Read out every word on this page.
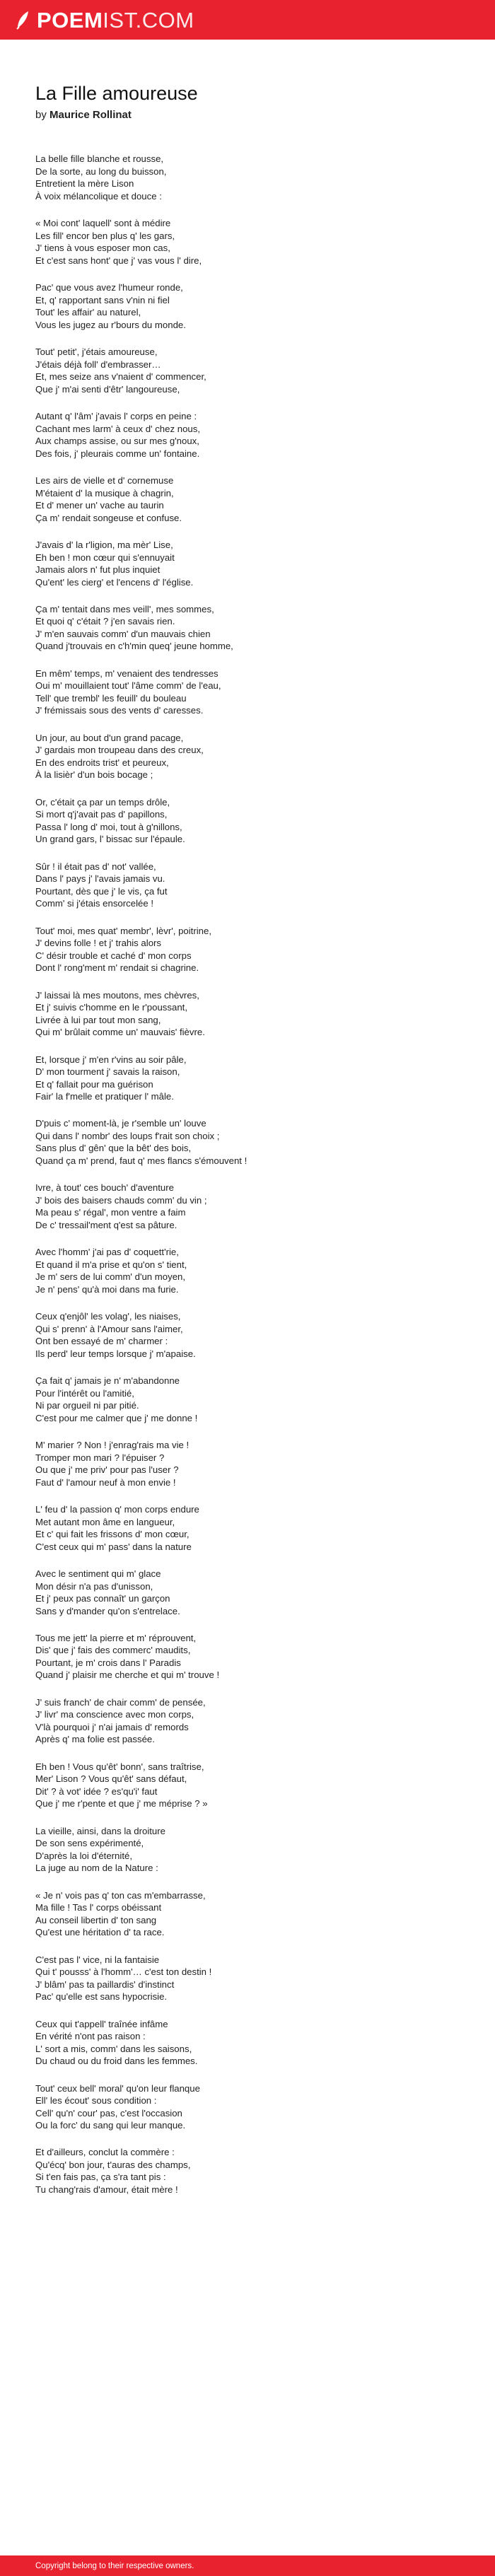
POEMIST.COM
La Fille amoureuse
by Maurice Rollinat
La belle fille blanche et rousse,
De la sorte, au long du buisson,
Entretient la mère Lison
À voix mélancolique et douce :
« Moi cont' laquell' sont à médire
Les fill' encor ben plus q' les gars,
J' tiens à vous esposer mon cas,
Et c'est sans hont' que j' vas vous l' dire,
Pac' que vous avez l'humeur ronde,
Et, q' rapportant sans v'nin ni fiel
Tout' les affair' au naturel,
Vous les jugez au r'bours du monde.
Tout' petit', j'étais amoureuse,
J'étais déjà foll' d'embrasser…
Et, mes seize ans v'naient d' commencer,
Que j' m'ai senti d'êtr' langoureuse,
Autant q' l'âm' j'avais l' corps en peine :
Cachant mes larm' à ceux d' chez nous,
Aux champs assise, ou sur mes g'noux,
Des fois, j' pleurais comme un' fontaine.
Les airs de vielle et d' cornemuse
M'étaient d' la musique à chagrin,
Et d' mener un' vache au taurin
Ça m' rendait songeuse et confuse.
J'avais d' la r'ligion, ma mèr' Lise,
Eh ben ! mon cœur qui s'ennuyait
Jamais alors n' fut plus inquiet
Qu'ent' les cierg' et l'encens d' l'église.
Ça m' tentait dans mes veill', mes sommes,
Et quoi q' c'était ? j'en savais rien.
J' m'en sauvais comm' d'un mauvais chien
Quand j'trouvais en c'h'min queq' jeune homme,
En mêm' temps, m' venaient des tendresses
Oui m' mouillaient tout' l'âme comm' de l'eau,
Tell' que trembl' les feuill' du bouleau
J' frémissais sous des vents d' caresses.
Un jour, au bout d'un grand pacage,
J' gardais mon troupeau dans des creux,
En des endroits trist' et peureux,
À la lisièr' d'un bois bocage ;
Or, c'était ça par un temps drôle,
Si mort q'j'avait pas d' papillons,
Passa l' long d' moi, tout à g'nillons,
Un grand gars, l' bissac sur l'épaule.
Sûr ! il était pas d' not' vallée,
Dans l' pays j' l'avais jamais vu.
Pourtant, dès que j' le vis, ça fut
Comm' si j'étais ensorcelée !
Tout' moi, mes quat' membr', lèvr', poitrine,
J' devins folle ! et j' trahis alors
C' désir trouble et caché d' mon corps
Dont l' rong'ment m' rendait si chagrine.
J' laissai là mes moutons, mes chèvres,
Et j' suivis c'homme en le r'poussant,
Livrée à lui par tout mon sang,
Qui m' brûlait comme un' mauvais' fièvre.
Et, lorsque j' m'en r'vins au soir pâle,
D' mon tourment j' savais la raison,
Et q' fallait pour ma guérison
Fair' la f'melle et pratiquer l' mâle.
D'puis c' moment-là, je r'semble un' louve
Qui dans l' nombr' des loups f'rait son choix ;
Sans plus d' gên' que la bêt' des bois,
Quand ça m' prend, faut q' mes flancs s'émouvent !
Ivre, à tout' ces bouch' d'aventure
J' bois des baisers chauds comm' du vin ;
Ma peau s' régal', mon ventre a faim
De c' tressail'ment q'est sa pâture.
Avec l'homm' j'ai pas d' coquett'rie,
Et quand il m'a prise et qu'on s' tient,
Je m' sers de lui comm' d'un moyen,
Je n' pens' qu'à moi dans ma furie.
Ceux q'enjôl' les volag', les niaises,
Qui s' prenn' à l'Amour sans l'aimer,
Ont ben essayé de m' charmer :
Ils perd' leur temps lorsque j' m'apaise.
Ça fait q' jamais je n' m'abandonne
Pour l'intérêt ou l'amitié,
Ni par orgueil ni par pitié.
C'est pour me calmer que j' me donne !
M' marier ? Non ! j'enrag'rais ma vie !
Tromper mon mari ? l'épuiser ?
Ou que j' me priv' pour pas l'user ?
Faut d' l'amour neuf à mon envie !
L' feu d' la passion q' mon corps endure
Met autant mon âme en langueur,
Et c' qui fait les frissons d' mon cœur,
C'est ceux qui m' pass' dans la nature
Avec le sentiment qui m' glace
Mon désir n'a pas d'unisson,
Et j' peux pas connaît' un garçon
Sans y d'mander qu'on s'entrelace.
Tous me jett' la pierre et m' réprouvent,
Dis' que j' fais des commerc' maudits,
Pourtant, je m' crois dans l' Paradis
Quand j' plaisir me cherche et qui m' trouve !
J' suis franch' de chair comm' de pensée,
J' livr' ma conscience avec mon corps,
V'là pourquoi j' n'ai jamais d' remords
Après q' ma folie est passée.
Eh ben ! Vous qu'êt' bonn', sans traîtrise,
Mer' Lison ? Vous qu'êt' sans défaut,
Dit' ? à vot' idée ? es'qu'i' faut
Que j' me r'pente et que j' me méprise ? »
La vieille, ainsi, dans la droiture
De son sens expérimenté,
D'après la loi d'éternité,
La juge au nom de la Nature :
« Je n' vois pas q' ton cas m'embarrasse,
Ma fille ! Tas l' corps obéissant
Au conseil libertin d' ton sang
Qu'est une héritation d' ta race.
C'est pas l' vice, ni la fantaisie
Qui t' pousss' à l'homm'… c'est ton destin !
J' blâm' pas ta paillardis' d'instinct
Pac' qu'elle est sans hypocrisie.
Ceux qui t'appell' traînée infâme
En vérité n'ont pas raison :
L' sort a mis, comm' dans les saisons,
Du chaud ou du froid dans les femmes.
Tout' ceux bell' moral' qu'on leur flanque
Ell' les écout' sous condition :
Cell' qu'n' cour' pas, c'est l'occasion
Ou la forc' du sang qui leur manque.
Et d'ailleurs, conclut la commère :
Qu'écq' bon jour, t'auras des champs,
Si t'en fais pas, ça s'ra tant pis :
Tu chang'rais d'amour, était mère !
Copyright belong to their respective owners.
